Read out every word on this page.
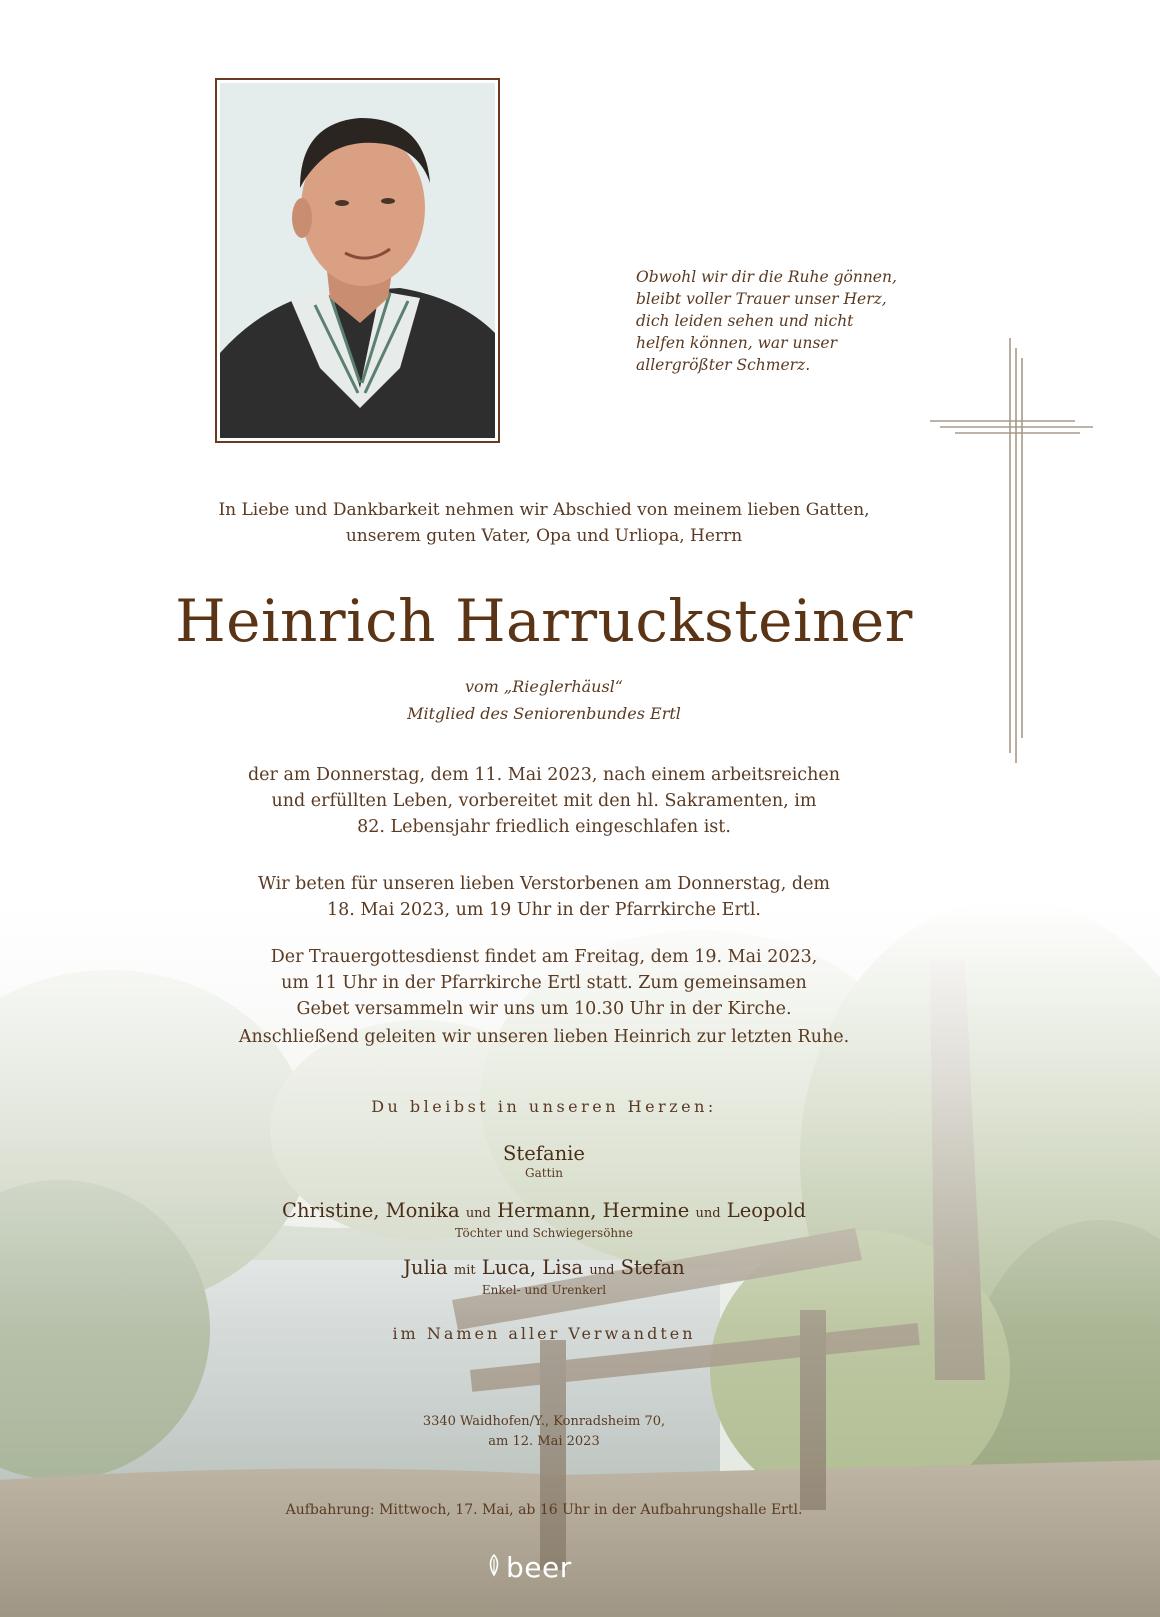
Obwohl wir dir die Ruhe gönnen,
bleibt voller Trauer unser Herz,
dich leiden sehen und nicht
helfen können, war unser
allergrößter Schmerz.
In Liebe und Dankbarkeit nehmen wir Abschied von meinem lieben Gatten,
unserem guten Vater, Opa und Urliopa, Herrn
Heinrich Harrucksteiner
vom „Rieglerhäusl“
Mitglied des Seniorenbundes Ertl
der am Donnerstag, dem 11. Mai 2023, nach einem arbeitsreichen
und erfüllten Leben, vorbereitet mit den hl. Sakramenten, im
82. Lebensjahr friedlich eingeschlafen ist.
Wir beten für unseren lieben Verstorbenen am Donnerstag, dem
18. Mai 2023, um 19 Uhr in der Pfarrkirche Ertl.
Der Trauergottesdienst findet am Freitag, dem 19. Mai 2023,
um 11 Uhr in der Pfarrkirche Ertl statt. Zum gemeinsamen
Gebet versammeln wir uns um 10.30 Uhr in der Kirche.
Anschließend geleiten wir unseren lieben Heinrich zur letzten Ruhe.
Du bleibst in unseren Herzen:
Stefanie
Gattin
Christine, Monika und Hermann, Hermine und Leopold
Töchter und Schwiegersöhne
Julia mit Luca, Lisa und Stefan
Enkel- und Urenkerl
im Namen aller Verwandten
3340 Waidhofen/Y., Konradsheim 70,
am 12. Mai 2023
Aufbahrung: Mittwoch, 17. Mai, ab 16 Uhr in der Aufbahrungshalle Ertl.
beer
